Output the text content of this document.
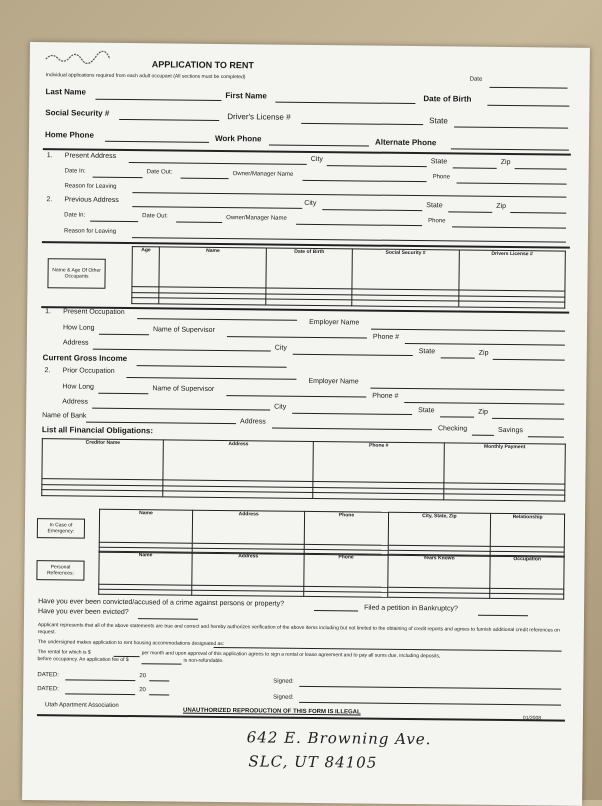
APPLICATION TO RENT
Individual applications required from each adult occupant (All sections must be completed)	Date
Last Name	First Name	Date of Birth
Social Security #	Driver's License #	State
Home Phone	Work Phone	Alternate Phone
1. Present Address	City	State	Zip
Date In:	Date Out:	Owner/Manager Name	Phone
Reason for Leaving
2. Previous Address	City	State	Zip
Date In:	Date Out:	Owner/Manager Name	Phone
Reason for Leaving
Name & Age Of Other Occupants
Age	Name	Date of Birth	Social Security #	Drivers License #

1. Present Occupation
Employer Name
How Long	Name of Supervisor
Phone #
Address
City	State	Zip
Current Gross Income
2. Prior Occupation
Employer Name
How Long	Name of Supervisor
Phone #
Address
City	State	Zip
Name of Bank
Address
Checking	Savings
List all Financial Obligations:
Creditor Name	Address	Phone #	Monthly Payment

In Case of Emergency:
Name	Address	Phone	City, State, Zip	Relationship

Personal References:
Name	Address	Phone	Years Known	Occupation

Have you ever been convicted/accused of a crime against persons or property?
Filed a petition in Bankruptcy?
Have you ever been evicted?
Applicant represents that all of the above statements are true and correct and hereby authorizes verification of the above items including but not limited to the obtaining of credit reports and agrees to furnish additional credit references on request.
The undersigned makes application to rent housing accommodations designated as:
The rental for which is $	per month and upon approval of this application agrees to sign a rental or lease agreement and to pay all sums due, including deposits,
before occupancy. An application fee of $	is non-refundable.
DATED:	20
Signed:
DATED:	20
Signed:
Utah Apartment Association
UNAUTHORIZED REPRODUCTION OF THIS FORM IS ILLEGAL
01/2008
642 E. Browning Ave.
SLC, UT 84105
